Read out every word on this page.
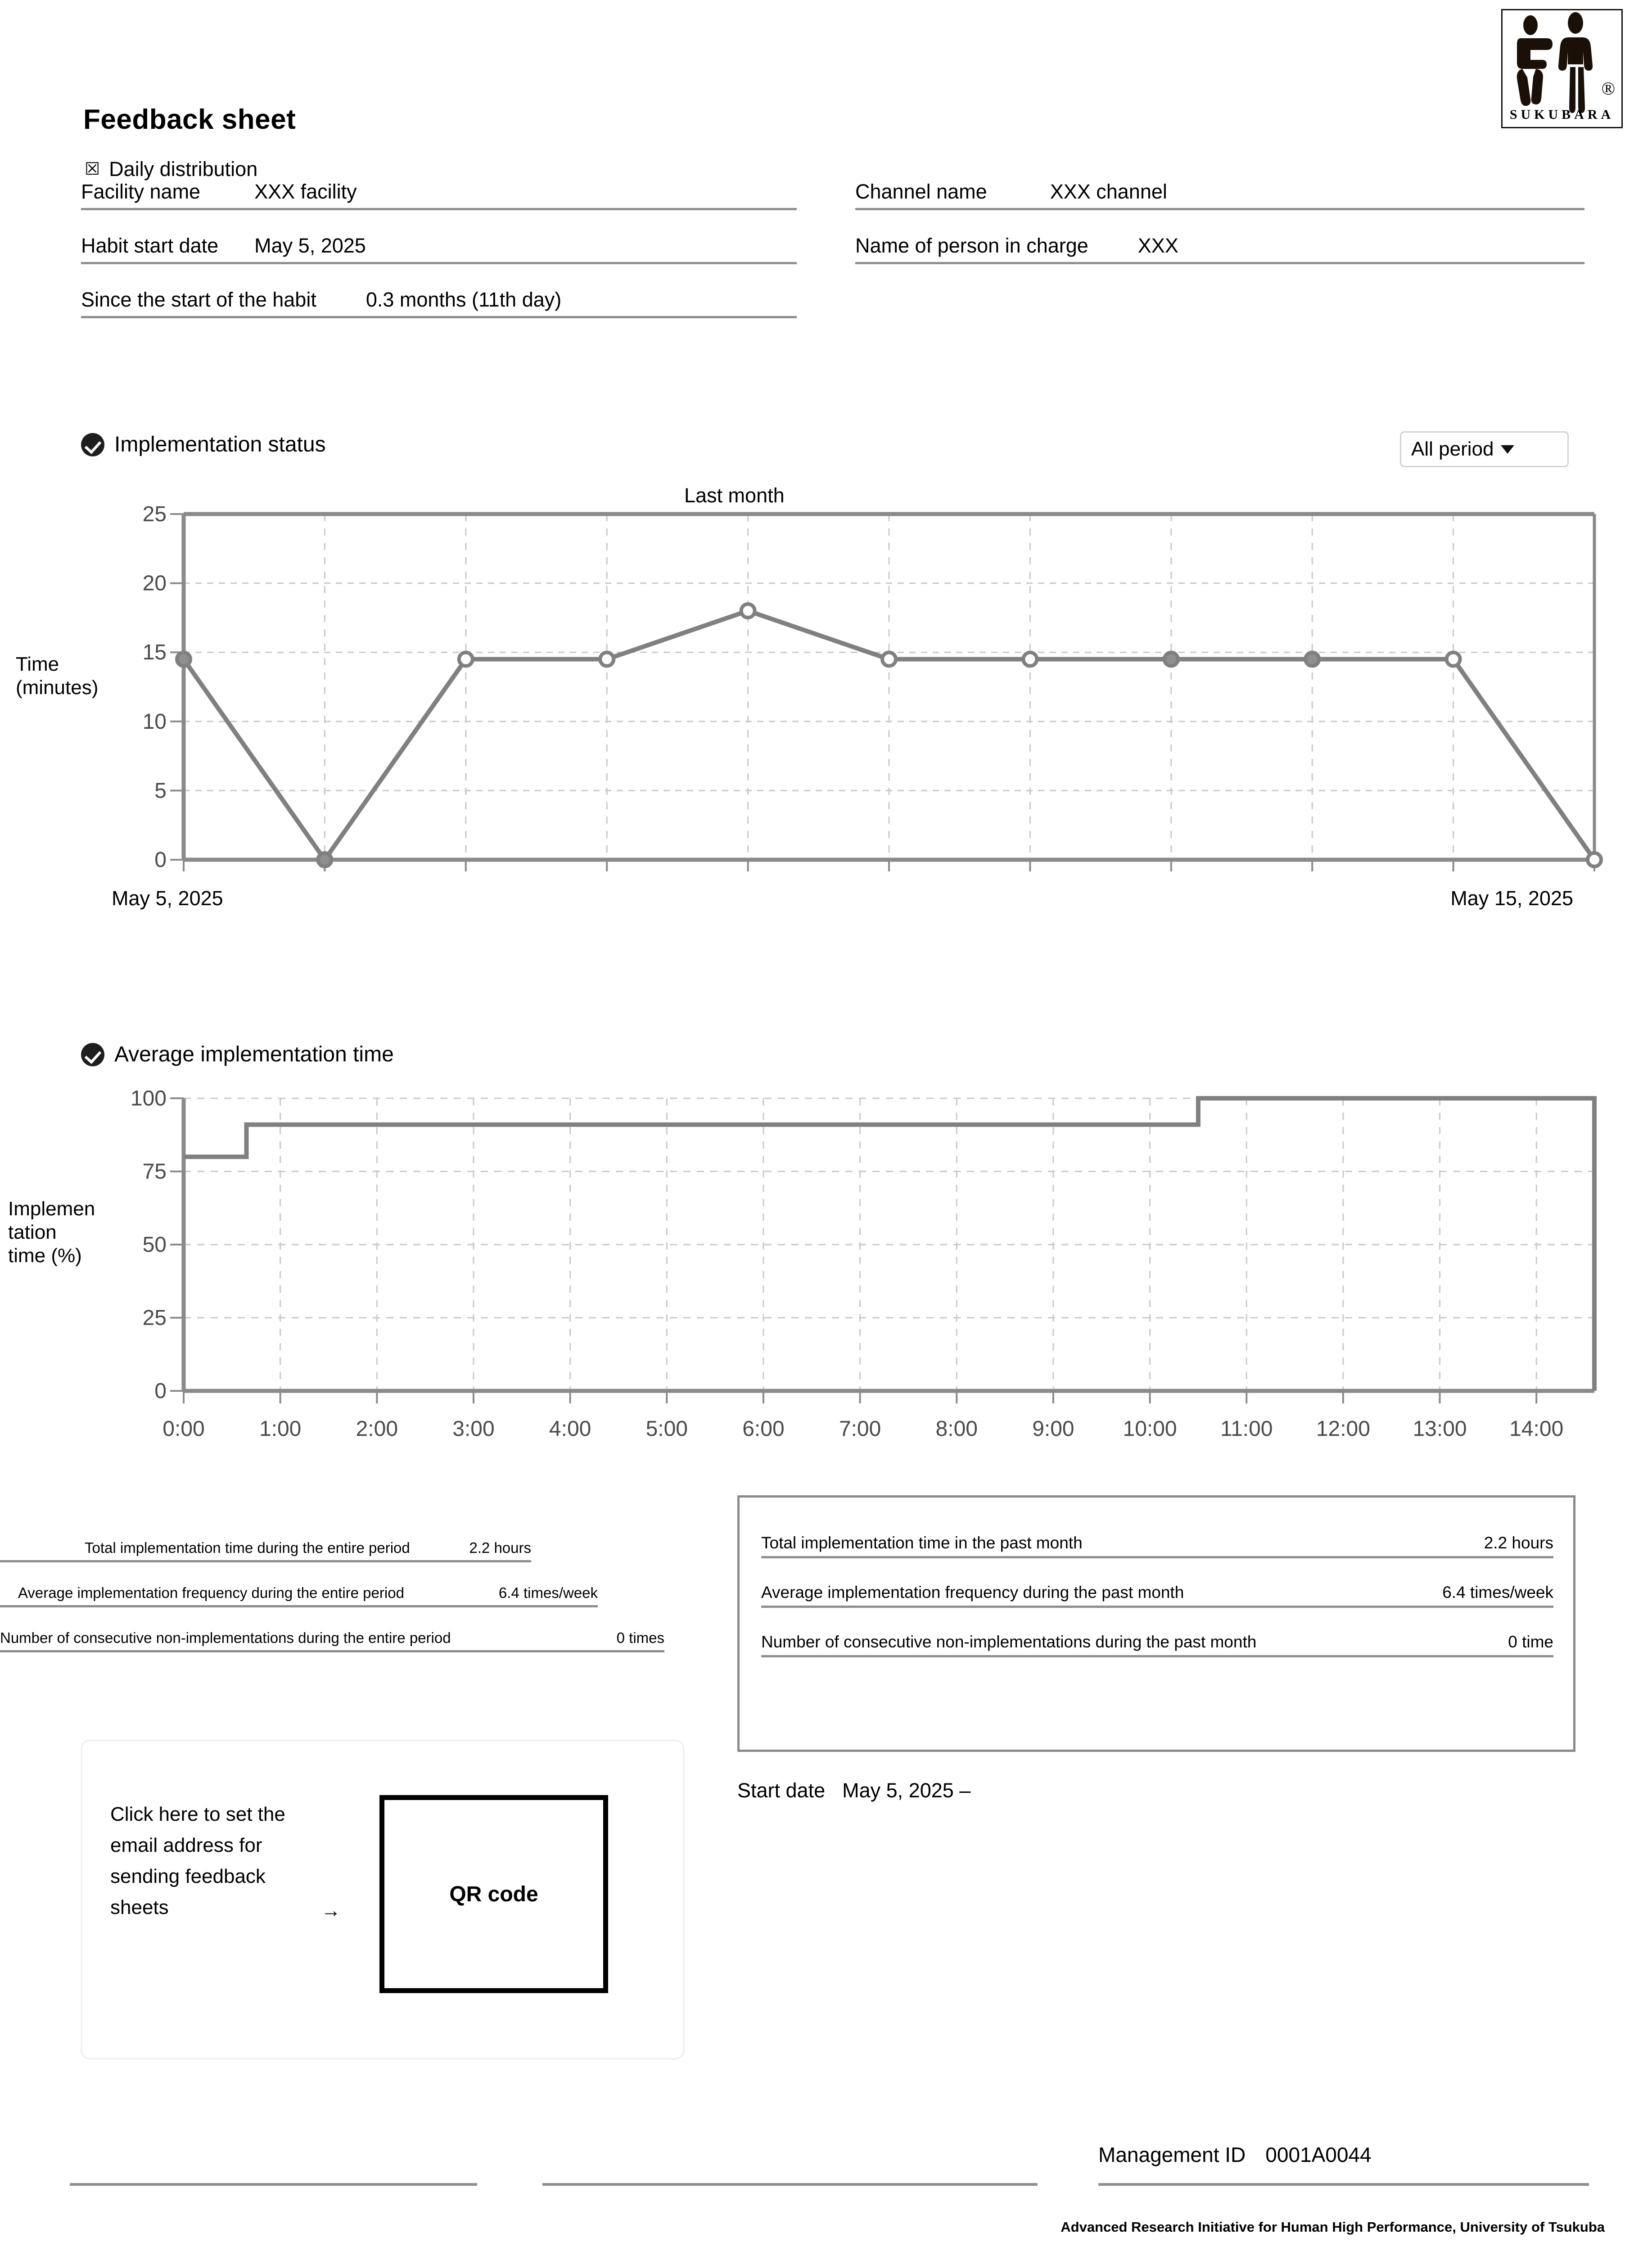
Feedback sheet
☒ Daily distribution
®
SUKUBARA
Facility name	XXX facility
Habit start date May 5, 2025
Since the start of the habit 0.3 months (11th day)
Channel name	XXX channel
Name of person in charge XXX
Implementation status	All period
Last month
Time
(minutes)
5
10
15
20
25
0
May 5, 2025	May 15, 2025
Average implementation time
Implemen
tation
time (%)
0
25
50
75
100
0:00	1:00	2:00	3:00	4:00	5:00	6:00	7:00	8:00	9:00 10:00 11:00 12:00 13:00 14:00
Total implementation time during the entire period	2.2 hours
Average implementation frequency during the entire period	6.4 times/week
Number of consecutive non-implementations during the entire period	0 times
Total implementation time in the past month	2.2 hours
Average implementation frequency during the past month	6.4 times/week
Number of consecutive non-implementations during the past month	0 time
Start date May 5, 2025 –
Click here to set the email address for sending feedback sheets	→
QR code
Management ID 0001A0044
Advanced Research Initiative for Human High Performance, University of Tsukuba
